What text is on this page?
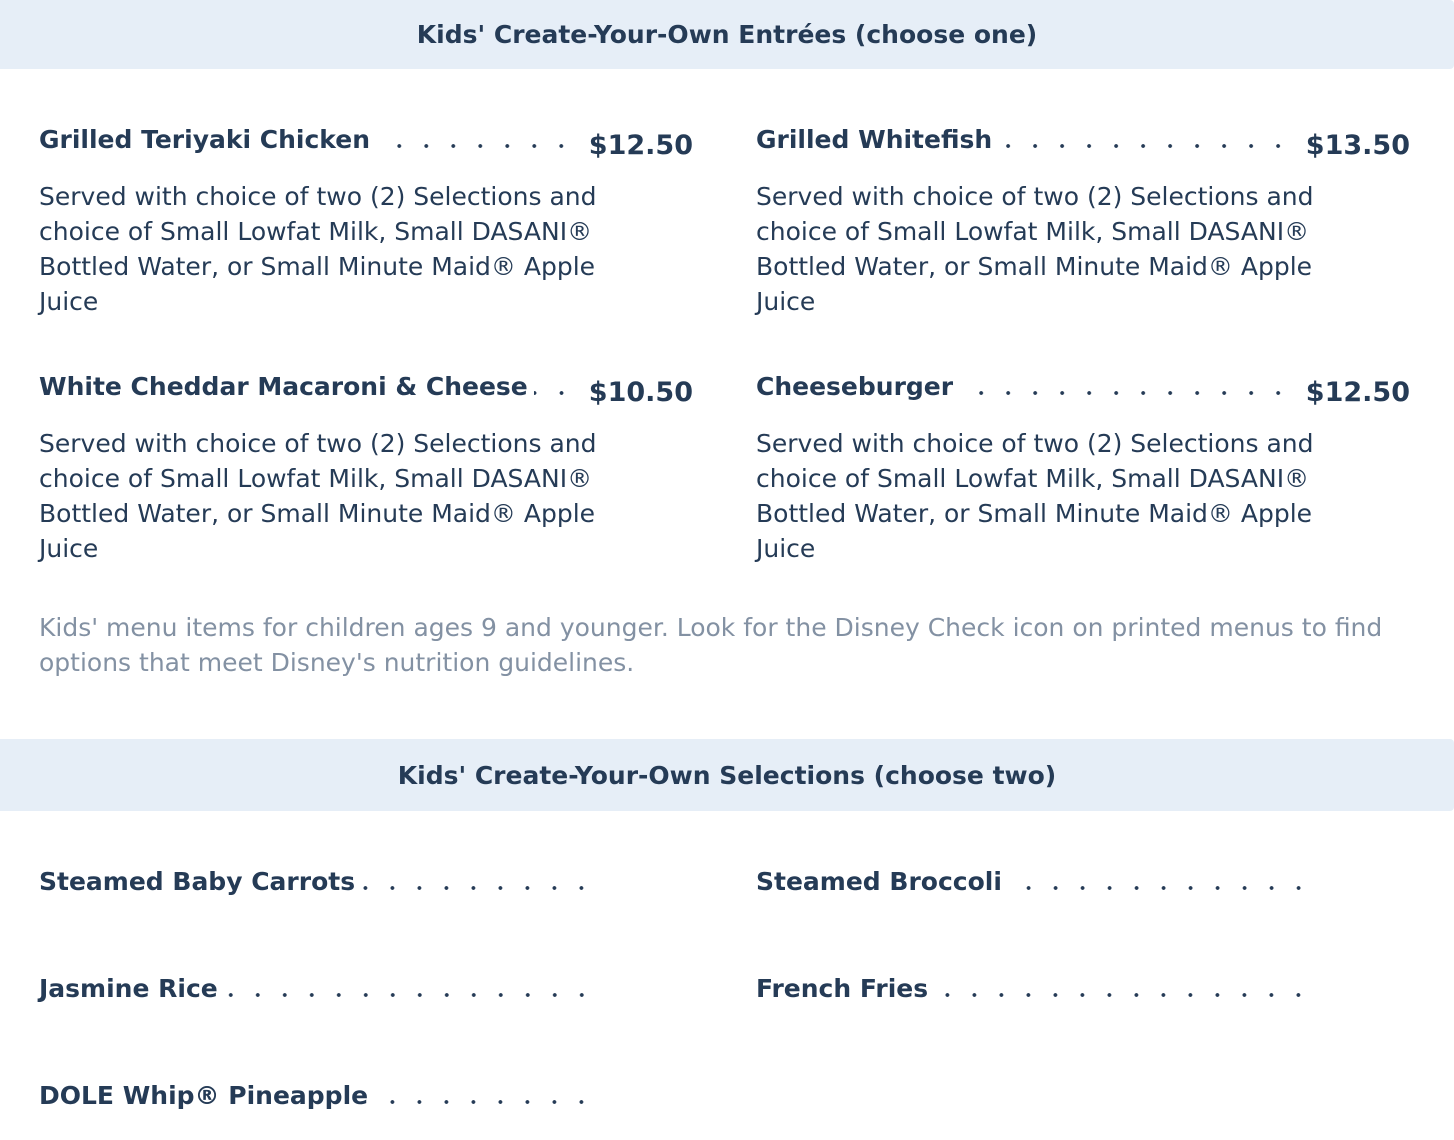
Kids' Create-Your-Own Entrées (choose one)
Grilled Teriyaki Chicken	$12.50
Served with choice of two (2) Selections and choice of Small Lowfat Milk, Small DASANI® Bottled Water, or Small Minute Maid® Apple Juice
Grilled Whitefish	$13.50
Served with choice of two (2) Selections and choice of Small Lowfat Milk, Small DASANI® Bottled Water, or Small Minute Maid® Apple Juice
White Cheddar Macaroni & Cheese $10.50
Served with choice of two (2) Selections and choice of Small Lowfat Milk, Small DASANI® Bottled Water, or Small Minute Maid® Apple Juice
Cheeseburger	$12.50
Served with choice of two (2) Selections and choice of Small Lowfat Milk, Small DASANI® Bottled Water, or Small Minute Maid® Apple Juice
Kids' menu items for children ages 9 and younger. Look for the Disney Check icon on printed menus to find options that meet Disney's nutrition guidelines.
Kids' Create-Your-Own Selections (choose two)
Steamed Baby Carrots	Steamed Broccoli
Jasmine Rice	French Fries
DOLE Whip® Pineapple
